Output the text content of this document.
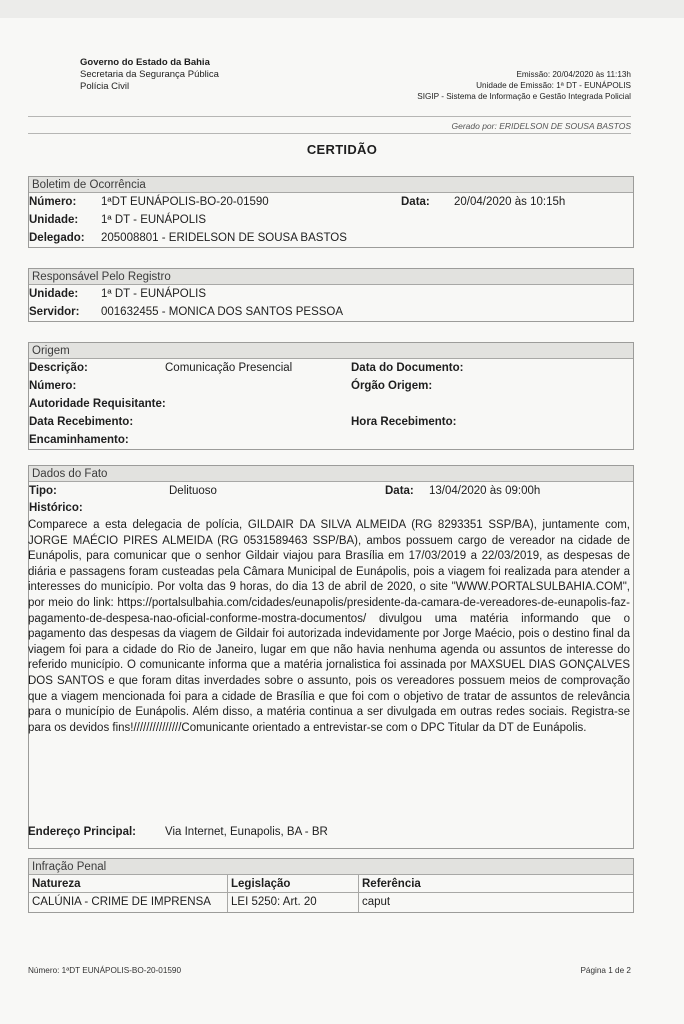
Governo do Estado da Bahia
Secretaria da Segurança Pública
Polícia Civil
Emissão: 20/04/2020 às 11:13h
Unidade de Emissão: 1ª DT - EUNÁPOLIS
SIGIP - Sistema de Informação e Gestão Integrada Policial
Gerado por: ERIDELSON DE SOUSA BASTOS
CERTIDÃO
Boletim de Ocorrência
Número: 1ªDT EUNÁPOLIS-BO-20-01590	Data: 20/04/2020 às 10:15h
Unidade: 1ª DT - EUNÁPOLIS
Delegado: 205008801 - ERIDELSON DE SOUSA BASTOS
Responsável Pelo Registro
Unidade: 1ª DT - EUNÁPOLIS
Servidor: 001632455 - MONICA DOS SANTOS PESSOA
Origem
Descrição:	Comunicação Presencial	Data do Documento:
Número:	Órgão Origem:
Autoridade Requisitante:
Data Recebimento:	Hora Recebimento:
Encaminhamento:
Dados do Fato
Tipo:	Delituoso	Data: 13/04/2020 às 09:00h
Histórico:
Comparece a esta delegacia de polícia, GILDAIR DA SILVA ALMEIDA (RG 8293351 SSP/BA), juntamente com, JORGE MAÉCIO PIRES ALMEIDA (RG 0531589463 SSP/BA), ambos possuem cargo de vereador na cidade de Eunápolis, para comunicar que o senhor Gildair viajou para Brasília em 17/03/2019 a 22/03/2019, as despesas de diária e passagens foram custeadas pela Câmara Municipal de Eunápolis, pois a viagem foi realizada para atender a interesses do município. Por volta das 9 horas, do dia 13 de abril de 2020, o site "WWW.PORTALSULBAHIA.COM", por meio do link: https://portalsulbahia.com/cidades/eunapolis/presidente-da-camara-de-vereadores-de-eunapolis-faz-pagamento-de-despesa-nao-oficial-conforme-mostra-documentos/ divulgou uma matéria informando que o pagamento das despesas da viagem de Gildair foi autorizada indevidamente por Jorge Maécio, pois o destino final da viagem foi para a cidade do Rio de Janeiro, lugar em que não havia nenhuma agenda ou assuntos de interesse do referido município. O comunicante informa que a matéria jornalistica foi assinada por MAXSUEL DIAS GONÇALVES DOS SANTOS e que foram ditas inverdades sobre o assunto, pois os vereadores possuem meios de comprovação que a viagem mencionada foi para a cidade de Brasília e que foi com o objetivo de tratar de assuntos de relevância para o município de Eunápolis. Além disso, a matéria continua a ser divulgada em outras redes sociais. Registra-se para os devidos fins!///////////////Comunicante orientado a entrevistar-se com o DPC Titular da DT de Eunápolis.
Endereço Principal:	Via Internet, Eunapolis, BA - BR
Infração Penal
Natureza	Legislação	Referência
CALÚNIA - CRIME DE IMPRENSA	LEI 5250: Art. 20	caput
Número: 1ªDT EUNÁPOLIS-BO-20-01590	Página 1 de 2
